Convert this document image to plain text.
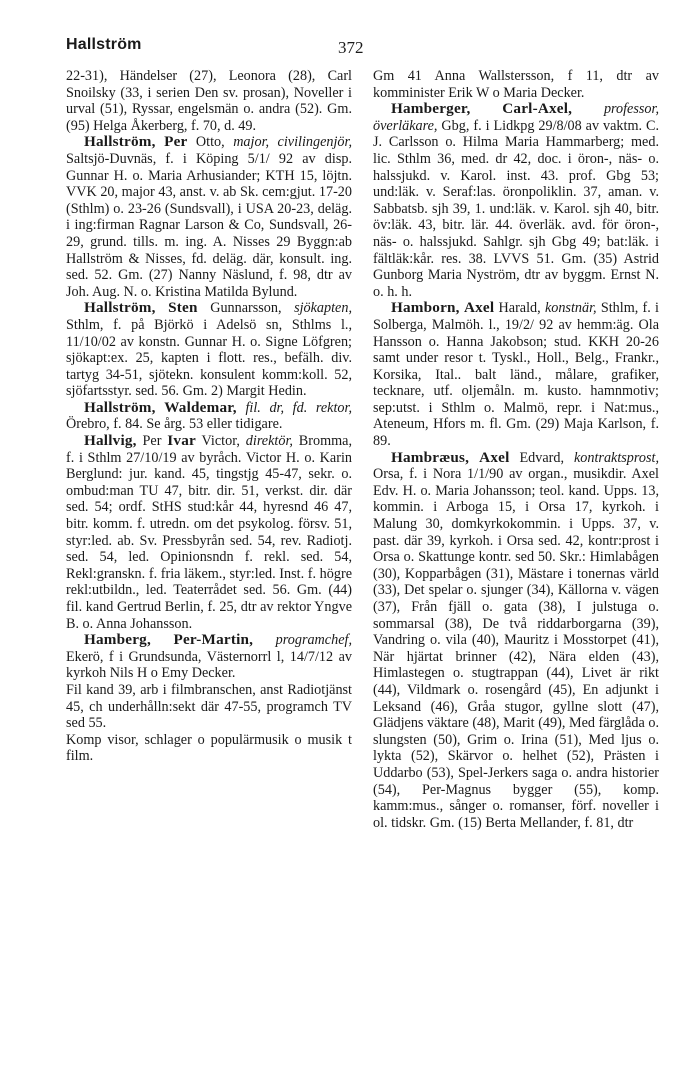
Hallström	372

22-31), Händelser (27), Leonora (28), Carl Snoilsky (33, i serien Den sv. prosan), Noveller i urval (51), Ryssar, engelsmän o. andra (52). Gm. (95) Helga Åkerberg, f. 70, d. 49.

Hallström, Per Otto, major, civilingenjör, Saltsjö-Duvnäs, f. i Köping 5/1/ 92 av disp. Gunnar H. o. Maria Arhusiander; KTH 15, löjtn. VVK 20, major 43, anst. v. ab Sk. cem:gjut. 17-20 (Sthlm) o. 23-26 (Sundsvall), i USA 20-23, deläg. i ing:firman Ragnar Larson & Co, Sundsvall, 26-29, grund. tills. m. ing. A. Nisses 29 Byggn:ab Hallström & Nisses, fd. deläg. där, konsult. ing. sed. 52. Gm. (27) Nanny Näslund, f. 98, dtr av Joh. Aug. N. o. Kristina Matilda Bylund.

Hallström, Sten Gunnarsson, sjökapten, Sthlm, f. på Björkö i Adelsö sn, Sthlms l., 11/10/02 av konstn. Gunnar H. o. Signe Löfgren; sjökapt:ex. 25, kapten i flott. res., befälh. div. tartyg 34-51, sjötekn. konsulent komm:koll. 52, sjöfartsstyr. sed. 56. Gm. 2) Margit Hedin.

Hallström, Waldemar, fil. dr, fd. rektor, Örebro, f. 84. Se årg. 53 eller tidigare.

Hallvig, Per Ivar Victor, direktör, Bromma, f. i Sthlm 27/10/19 av byråch. Victor H. o. Karin Berglund: jur. kand. 45, tingstjg 45-47, sekr. o. ombud:man TU 47, bitr. dir. 51, verkst. dir. där sed. 54; ordf. StHS stud:kår 44, hyresnd 46 47, bitr. komm. f. utredn. om det psykolog. försv. 51, styr:led. ab. Sv. Pressbyrån sed. 54, rev. Radiotj. sed. 54, led. Opinionsndn f. rekl. sed. 54, Rekl:granskn. f. fria läkem., styr:led. Inst. f. högre rekl:utbildn., led. Teaterrådet sed. 56. Gm. (44) fil. kand Gertrud Berlin, f. 25, dtr av rektor Yngve B. o. Anna Johansson.

Hamberg, Per-Martin, programchef, Ekerö, f i Grundsunda, Västernorrl l, 14/7/12 av kyrkoh Nils H o Emy Decker.

Fil kand 39, arb i filmbranschen, anst Radiotjänst 45, ch underhålln:sekt där 47-55, programch TV sed 55.

Komp visor, schlager o populärmusik o musik t film.

Gm 41 Anna Wallstersson, f 11, dtr av komminister Erik W o Maria Decker.

Hamberger, Carl-Axel, professor, överläkare, Gbg, f. i Lidkpg 29/8/08 av vaktm. C. J. Carlsson o. Hilma Maria Hammarberg; med. lic. Sthlm 36, med. dr 42, doc. i öron-, näs- o. halssjukd. v. Karol. inst. 43. prof. Gbg 53; und:läk. v. Seraf:las. öronpoliklin. 37, aman. v. Sabbatsb. sjh 39, 1. und:läk. v. Karol. sjh 40, bitr. öv:läk. 43, bitr. lär. 44. överläk. avd. för öron-, näs- o. halssjukd. Sahlgr. sjh Gbg 49; bat:läk. i fältläk:kår. res. 38. LVVS 51. Gm. (35) Astrid Gunborg Maria Nyström, dtr av byggm. Ernst N. o. h. h.

Hamborn, Axel Harald, konstnär, Sthlm, f. i Solberga, Malmöh. l., 19/2/ 92 av hemm:äg. Ola Hansson o. Hanna Jakobson; stud. KKH 20-26 samt under resor t. Tyskl., Holl., Belg., Frankr., Korsika, Ital.. balt länd., målare, grafiker, tecknare, utf. oljemåln. m. kusto. hamnmotiv; sep:utst. i Sthlm o. Malmö, repr. i Nat:mus., Ateneum, Hfors m. fl. Gm. (29) Maja Karlson, f. 89.

Hambræus, Axel Edvard, kontraktsprost, Orsa, f. i Nora 1/1/90 av organ., musikdir. Axel Edv. H. o. Maria Johansson; teol. kand. Upps. 13, kommin. i Arboga 15, i Orsa 17, kyrkoh. i Malung 30, domkyrkokommin. i Upps. 37, v. past. där 39, kyrkoh. i Orsa sed. 42, kontr:prost i Orsa o. Skattunge kontr. sed 50. Skr.: Himlabågen (30), Kopparbågen (31), Mästare i tonernas värld (33), Det spelar o. sjunger (34), Källorna v. vägen (37), Från fjäll o. gata (38), I julstuga o. sommarsal (38), De två riddarborgarna (39), Vandring o. vila (40), Mauritz i Mosstorpet (41), När hjärtat brinner (42), Nära elden (43), Himlastegen o. stugtrappan (44), Livet är rikt (44), Vildmark o. rosengård (45), En adjunkt i Leksand (46), Gråa stugor, gyllne slott (47), Glädjens väktare (48), Marit (49), Med färglåda o. slungsten (50), Grim o. Irina (51), Med ljus o. lykta (52), Skärvor o. helhet (52), Prästen i Uddarbo (53), Spel-Jerkers saga o. andra historier (54), Per-Magnus bygger (55), komp. kamm:mus., sånger o. romanser, förf. noveller i ol. tidskr. Gm. (15) Berta Mellander, f. 81, dtr
